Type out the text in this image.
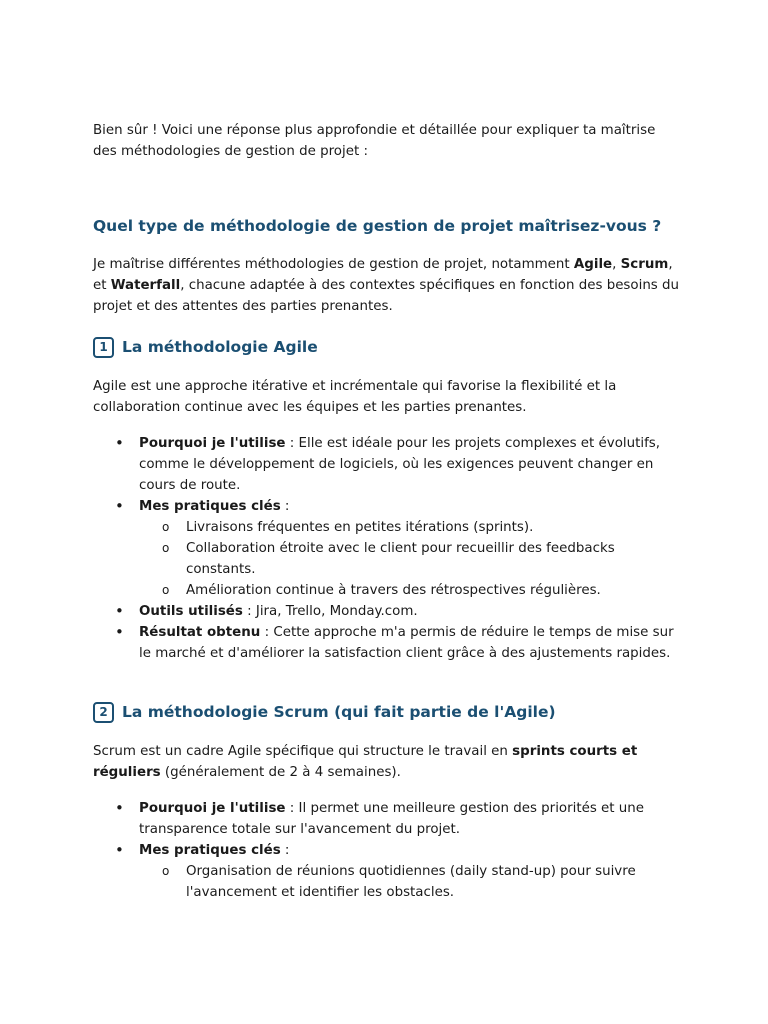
Bien sûr ! Voici une réponse plus approfondie et détaillée pour expliquer ta maîtrise des méthodologies de gestion de projet :

Quel type de méthodologie de gestion de projet maîtrisez-vous ?

Je maîtrise différentes méthodologies de gestion de projet, notamment Agile, Scrum, et Waterfall, chacune adaptée à des contextes spécifiques en fonction des besoins du projet et des attentes des parties prenantes.

1 La méthodologie Agile

Agile est une approche itérative et incrémentale qui favorise la flexibilité et la collaboration continue avec les équipes et les parties prenantes.

• Pourquoi je l'utilise : Elle est idéale pour les projets complexes et évolutifs, comme le développement de logiciels, où les exigences peuvent changer en cours de route.
• Mes pratiques clés :
o Livraisons fréquentes en petites itérations (sprints).
o Collaboration étroite avec le client pour recueillir des feedbacks constants.
o Amélioration continue à travers des rétrospectives régulières.
• Outils utilisés : Jira, Trello, Monday.com.
• Résultat obtenu : Cette approche m'a permis de réduire le temps de mise sur le marché et d'améliorer la satisfaction client grâce à des ajustements rapides.
2 La méthodologie Scrum (qui fait partie de l'Agile)

Scrum est un cadre Agile spécifique qui structure le travail en sprints courts et réguliers (généralement de 2 à 4 semaines).

• Pourquoi je l'utilise : Il permet une meilleure gestion des priorités et une transparence totale sur l'avancement du projet.
• Mes pratiques clés :
o Organisation de réunions quotidiennes (daily stand-up) pour suivre l'avancement et identifier les obstacles.
